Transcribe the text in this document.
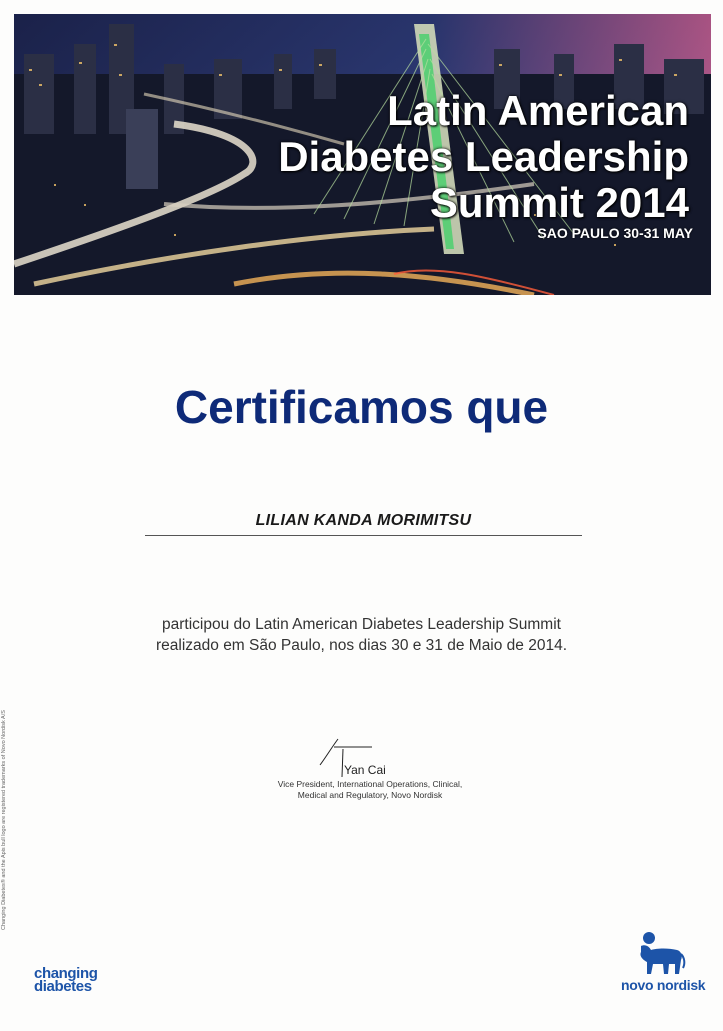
Latin American
Diabetes Leadership
Summit 2014
SAO PAULO 30-31 MAY
Certificamos que
LILIAN KANDA MORIMITSU
participou do Latin American Diabetes Leadership Summit
realizado em São Paulo, nos dias 30 e 31 de Maio de 2014.
Yan Cai
Vice President, International Operations, Clinical,
Medical and Regulatory, Novo Nordisk
Changing Diabetes® and the Apis bull logo are registered trademarks of Novo Nordisk A/S
changing
diabetes	novo nordisk
